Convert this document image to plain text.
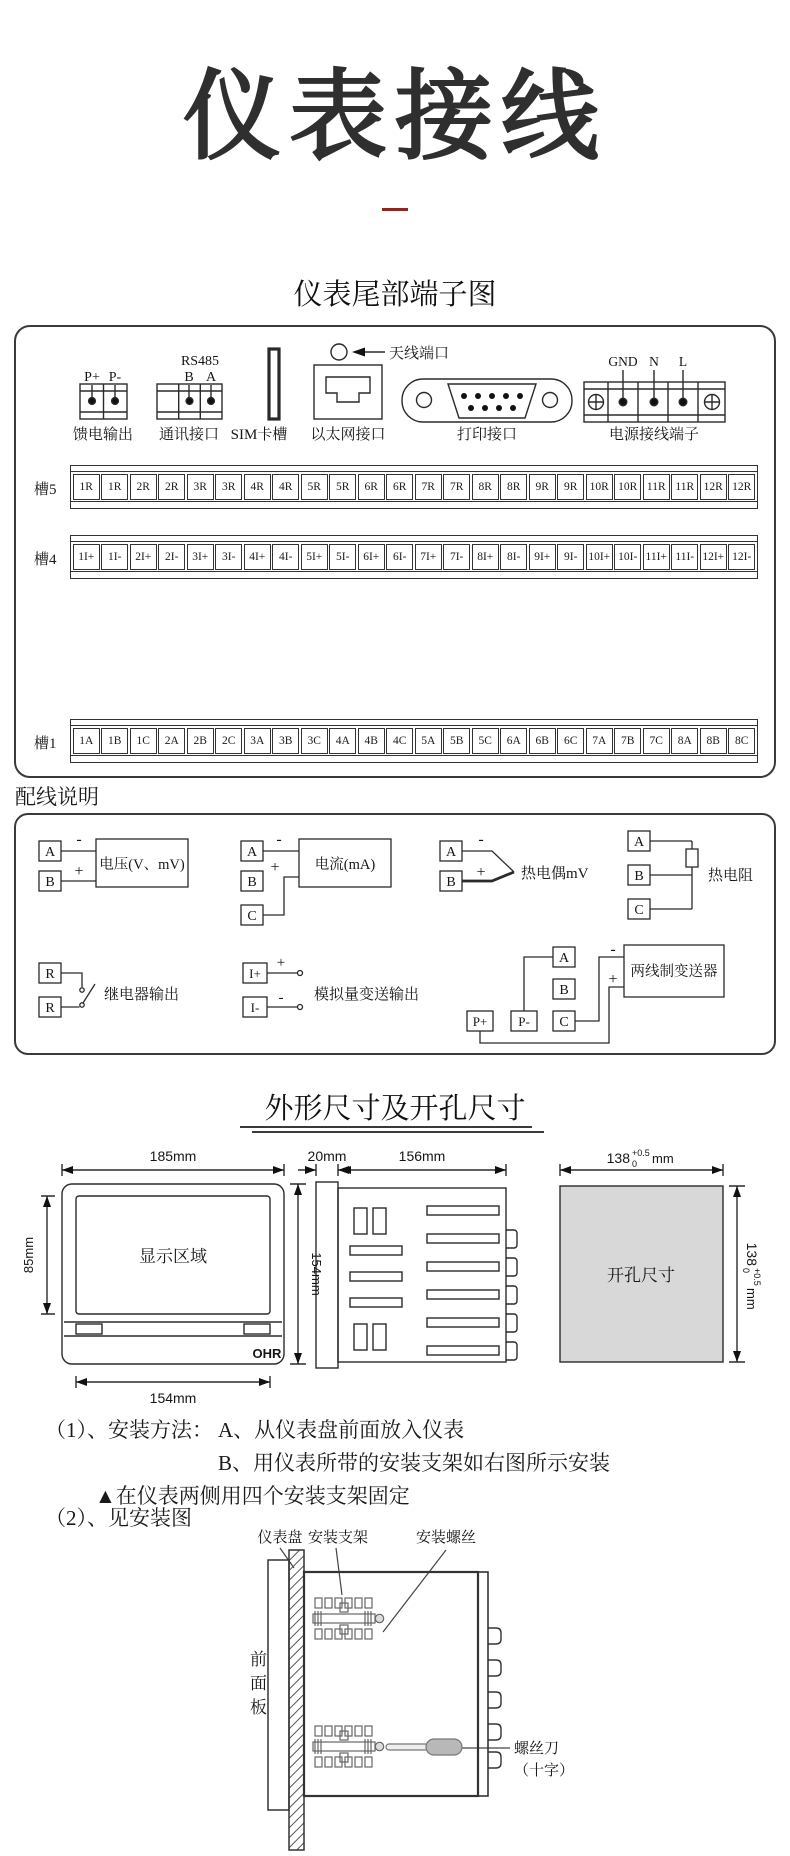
仪表接线
仪表尾部端子图
P+ P-
馈电输出
RS485
B A
通讯接口 SIM卡槽 以太网接口
天线端口
打印接口
GND N L
电源接线端子
槽5	1R	1R	2R	2R	3R	3R	4R	4R	5R	5R	6R	6R	7R	7R	8R	8R	9R	9R	10R 10R 11R 11R 12R 12R
槽4	1I+	1I-	2I+	2I-	3I+	3I-	4I+	4I-	5I+	5I-	6I+	6I-	7I+	7I-	8I+	8I-	9I+	9I- 10I+ 10I- 11I+ 11I- 12I+ 12I-
槽1	1A	1B	1C	2A	2B	2C	3A	3B	3C	4A	4B	4C	5A	5B	5C	6A	6B	6C	7A	7B	7C	8A	8B	8C
配线说明
A
B
-
+ 电压(V、mV)
A
B
C
-
+ 电流(mA)
A
B
-
+ 热电偶mV
A
B
C
热电阻
R
R
继电器输出
I+
I-
+
- 模拟量变送输出
A
B
C
P+ P-
-
+ 两线制变送器
外形尺寸及开孔尺寸
185mm
显示区域
85mm	154mm
154mm
OHR
20mm	156mm
开孔尺寸
138 +0.5
0 mm
138
+0.5
0
mm
（1）、安装方法： A、从仪表盘前面放入仪表
B、用仪表所带的安装支架如右图所示安装
▲在仪表两侧用四个安装支架固定
（2）、见安装图
仪表盘 安装支架	安装螺丝
螺丝刀
（十字）
前面板
